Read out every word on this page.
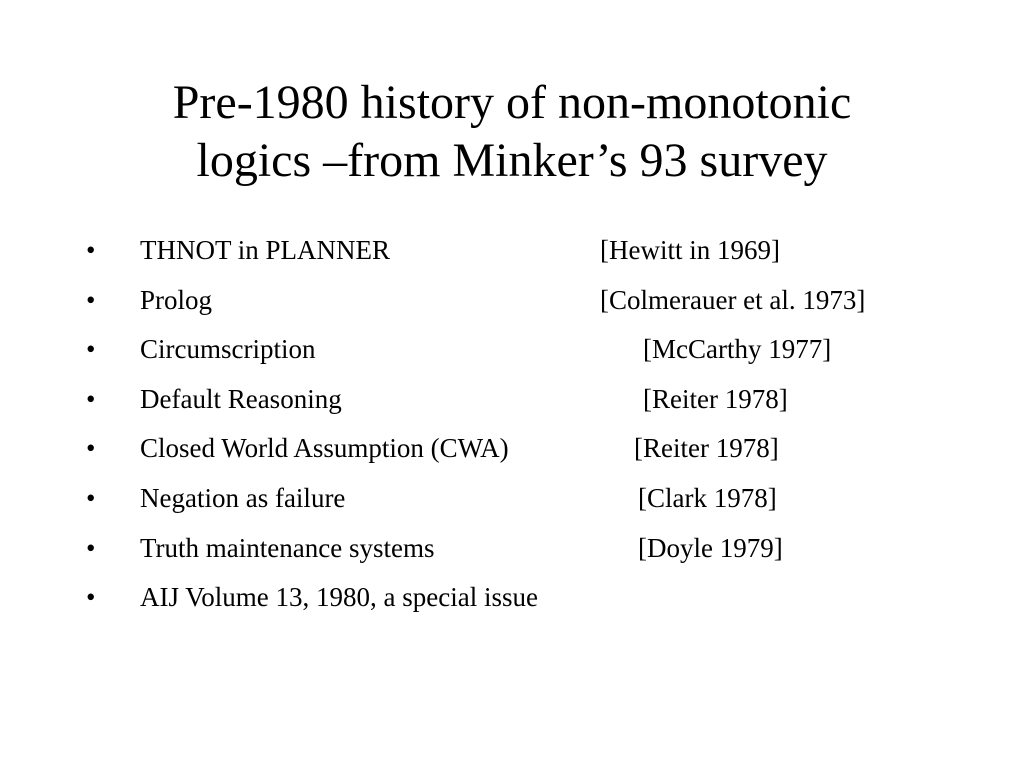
Pre-1980 history of non-monotonic
logics –from Minker’s 93 survey
• THNOT in PLANNER	[Hewitt in 1969]
• Prolog	[Colmerauer et al. 1973]
• Circumscription	[McCarthy 1977]
• Default Reasoning	[Reiter 1978]
• Closed World Assumption (CWA)	[Reiter 1978]
• Negation as failure	[Clark 1978]
• Truth maintenance systems	[Doyle 1979]
• AIJ Volume 13, 1980, a special issue
